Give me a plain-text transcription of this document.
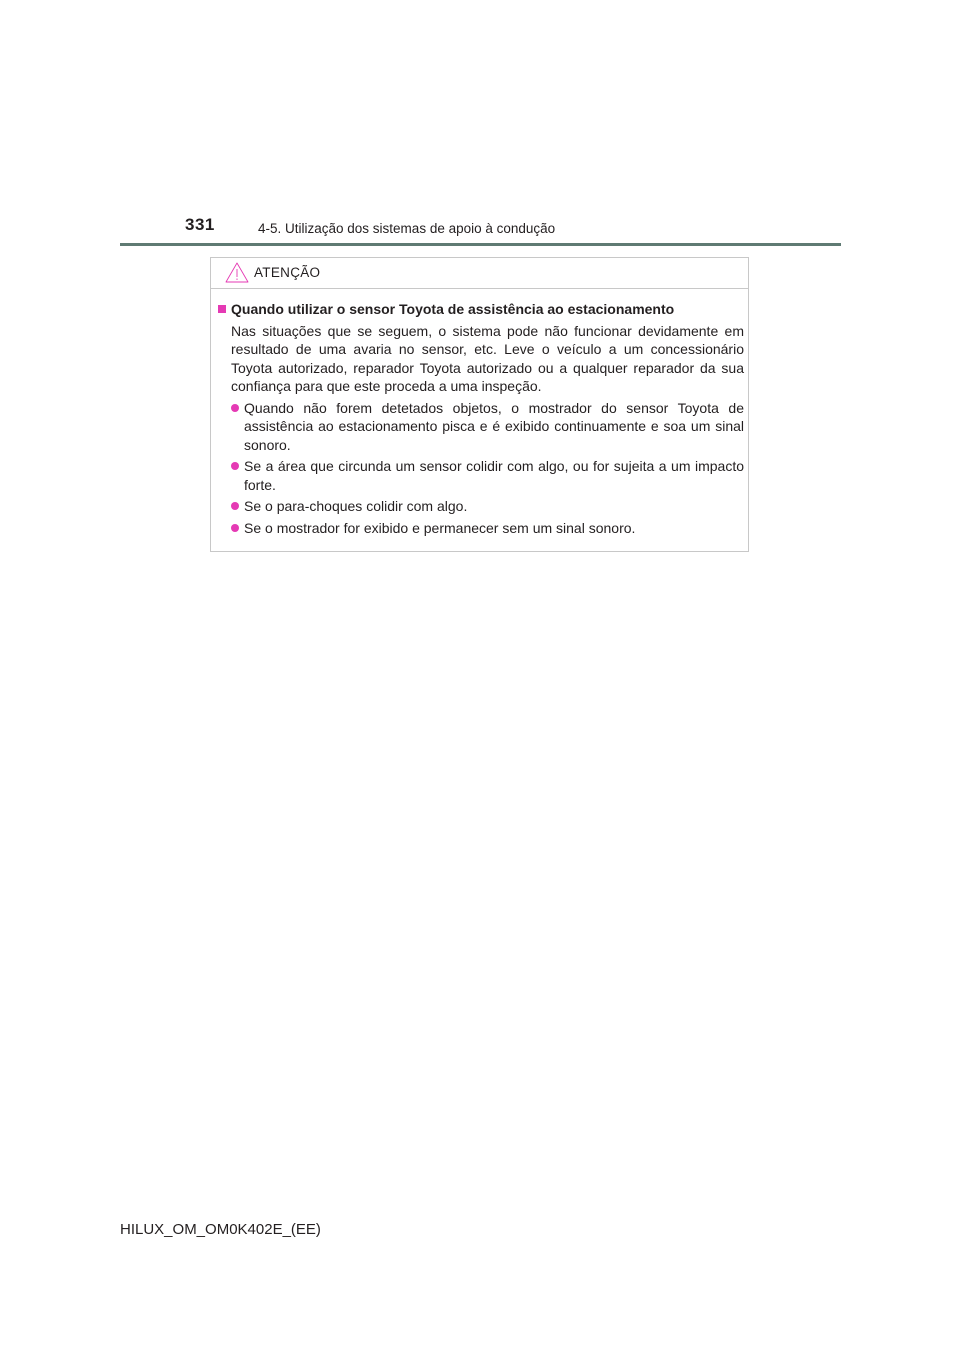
331	4-5. Utilização dos sistemas de apoio à condução
ATENÇÃO
Quando utilizar o sensor Toyota de assistência ao estacionamento
Nas situações que se seguem, o sistema pode não funcionar devidamente em resultado de uma avaria no sensor, etc. Leve o veículo a um concessionário Toyota autorizado, reparador Toyota autorizado ou a qualquer reparador da sua confiança para que este proceda a uma inspeção.
Quando não forem detetados objetos, o mostrador do sensor Toyota de assistência ao estacionamento pisca e é exibido continuamente e soa um sinal sonoro.
Se a área que circunda um sensor colidir com algo, ou for sujeita a um impacto forte.
Se o para-choques colidir com algo.
Se o mostrador for exibido e permanecer sem um sinal sonoro.
HILUX_OM_OM0K402E_(EE)
